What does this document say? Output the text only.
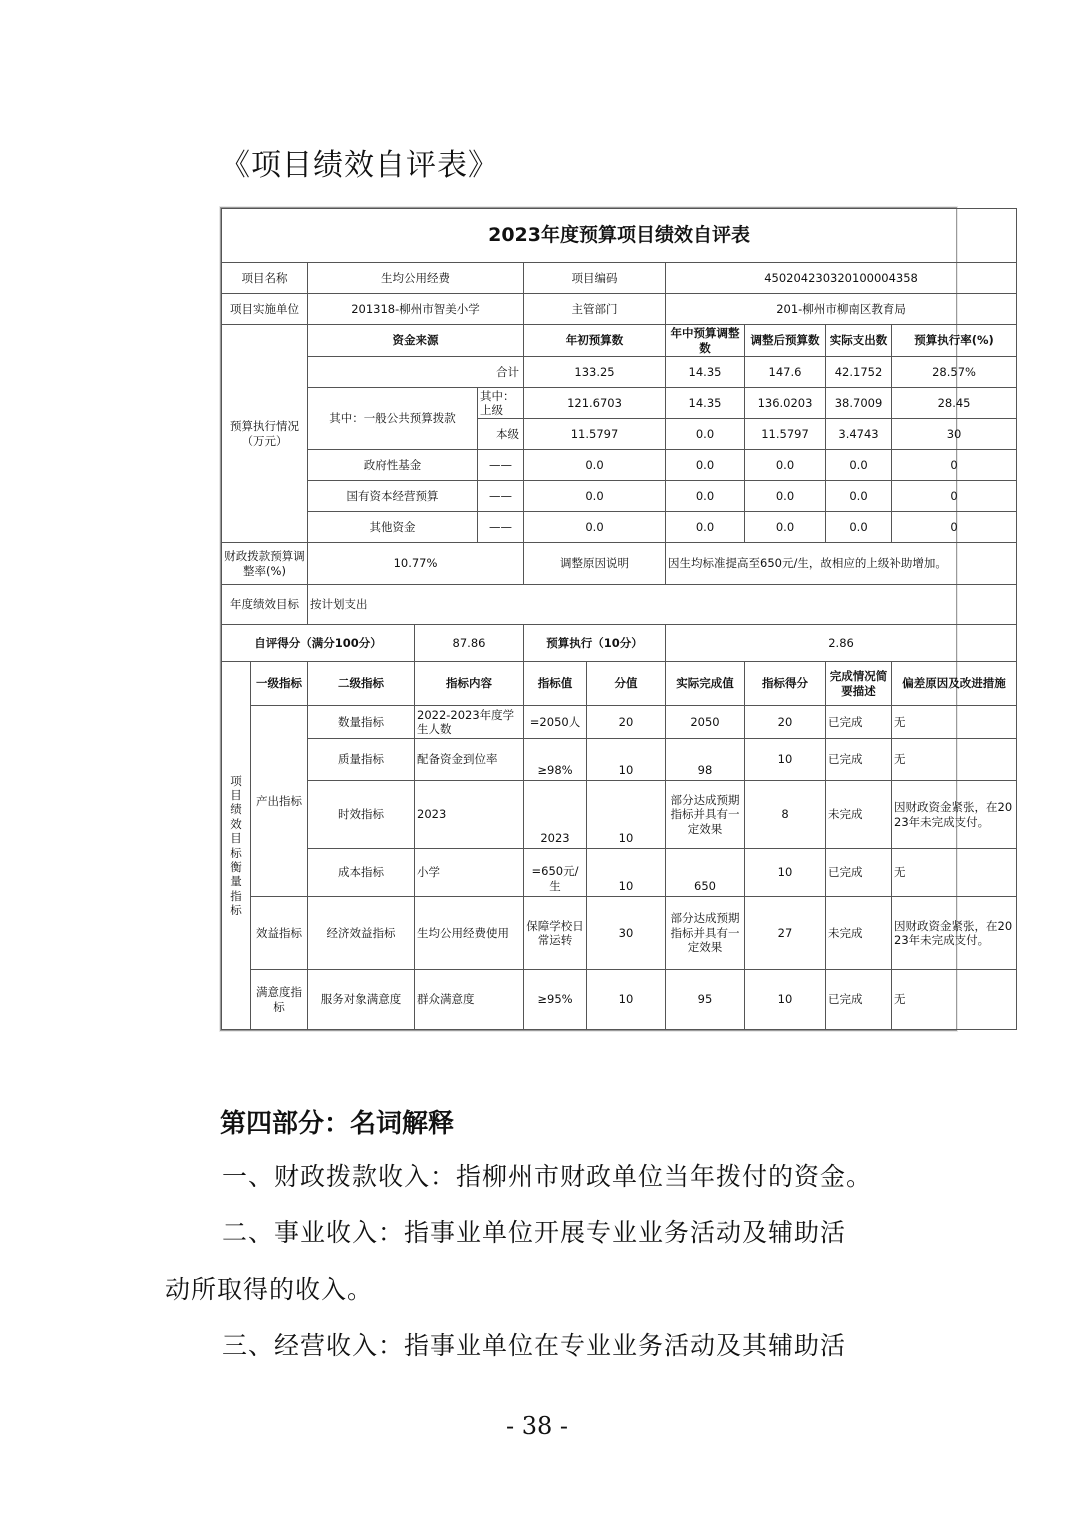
《项目绩效自评表》
2023年度预算项目绩效自评表										
项目名称		生均公用经费			项目编码		450204230320100004358			
项目实施单位		201318-柳州市智美小学			主管部门		201-柳州市柳南区教育局			
预算执行情况（万元）		资金来源			年初预算数		年中预算调整数	调整后预算数	实际支出数	预算执行率(%)
		合计			133.25		14.35	147.6	42.1752	28.57%
		其中：一般公共预算拨款		其中：上级	121.6703		14.35	136.0203	38.7009	28.45
				本级	11.5797		0.0	11.5797	3.4743	30
		政府性基金		——	0.0		0.0	0.0	0.0	0
		国有资本经营预算		——	0.0		0.0	0.0	0.0	0
		其他资金		——	0.0		0.0	0.0	0.0	0
财政拨款预算调整率(%)		10.77%			调整原因说明		因生均标准提高至650元/生，故相应的上级补助增加。			
年度绩效目标		按计划支出								
自评得分（满分100分）			87.86		预算执行（10分）		2.86			
项目绩效目标衡量指标	一级指标	二级指标	指标内容		指标值	分值	实际完成值	指标得分	完成情况简要描述	偏差原因及改进措施
	产出指标	数量指标	2022-2023年度学生人数		=2050人	20	2050	20	已完成	无
		质量指标	配备资金到位率		≥98%	10	98	10	已完成	无
		时效指标	2023		2023	10	部分达成预期指标并具有一定效果	8	未完成	因财政资金紧张，在2023年未完成支付。
		成本指标	小学		=650元/生	10	650	10	已完成	无
	效益指标	经济效益指标	生均公用经费使用		保障学校日常运转	30	部分达成预期指标并具有一定效果	27	未完成	因财政资金紧张，在2023年未完成支付。
	满意度指标	服务对象满意度	群众满意度		≥95%	10	95	10	已完成	无
第四部分：名词解释
一、财政拨款收入：指柳州市财政单位当年拨付的资金。
二、事业收入：指事业单位开展专业业务活动及辅助活
动所取得的收入。
三、经营收入：指事业单位在专业业务活动及其辅助活
- 38 -
